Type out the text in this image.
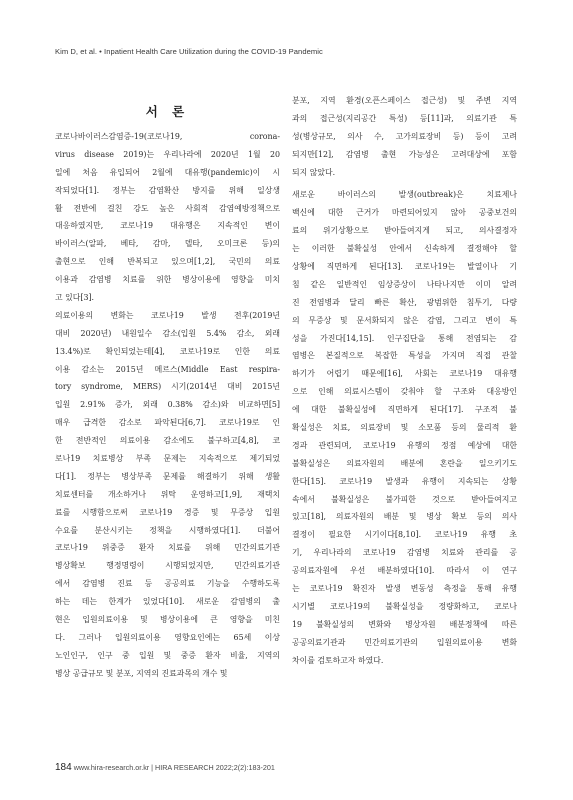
Kim D, et al. • Inpatient Health Care Utilization during the COVID-19 Pandemic
서 론
코로나바이러스감염증-19(코로나19, corona-
virus disease 2019)는 우리나라에 2020년 1월 20
일에 처음 유입되어 2월에 대유행(pandemic)이 시
작되었다[1]. 정부는 감염확산 방지를 위해 일상생
활 전반에 걸친 강도 높은 사회적 감염예방정책으로
대응하였지만, 코로나19 대유행은 지속적인 변이
바이러스(알파, 베타, 감마, 델타, 오미크론 등)의
출현으로 인해 반복되고 있으며[1,2], 국민의 의료
이용과 감염병 치료를 위한 병상이용에 영향을 미치
고 있다[3].
의료이용의 변화는 코로나19 발생 전후(2019년
대비 2020년) 내원일수 감소(입원 5.4% 감소, 외래
13.4%)로 확인되었는데[4], 코로나19로 인한 의료
이용 감소는 2015년 메르스(Middle East respira-
tory syndrome, MERS) 시기(2014년 대비 2015년
입원 2.91% 증가, 외래 0.38% 감소)와 비교하면[5]
매우 급격한 감소로 파악된다[6,7]. 코로나19로 인
한 전반적인 의료이용 감소에도 불구하고[4,8], 코
로나19 치료병상 부족 문제는 지속적으로 제기되었
다[1]. 정부는 병상부족 문제를 해결하기 위해 생활
치료센터를 개소하거나 위탁 운영하고[1,9], 재택치
료를 시행함으로써 코로나19 경증 및 무증상 입원
수요를 분산시키는 정책을 시행하였다[1]. 더불어
코로나19 위중증 환자 치료를 위해 민간의료기관
병상확보 행정명령이 시행되었지만, 민간의료기관
에서 감염병 진료 등 공공의료 기능을 수행하도록
하는 데는 한계가 있었다[10]. 새로운 감염병의 출
현은 입원의료이용 및 병상이용에 큰 영향을 미친
다. 그러나 입원의료이용 영향요인에는 65세 이상
노인인구, 인구 중 입원 및 중증 환자 비율, 지역의
병상 공급규모 및 분포, 지역의 진료과목의 개수 및
분포, 지역 환경(오픈스페이스 접근성) 및 주변 지역
과의 접근성(지리공간 특성) 등[11]과, 의료기관 특
성(병상규모, 의사 수, 고가의료장비 등) 등이 고려
되지만[12], 감염병 출현 가능성은 고려대상에 포함
되지 않았다.
새로운 바이러스의 발생(outbreak)은 치료제나
백신에 대한 근거가 마련되어있지 않아 공중보건의
료의 위기상황으로 받아들여지게 되고, 의사결정자
는 이러한 불확실성 안에서 신속하게 결정해야 할
상황에 직면하게 된다[13]. 코로나19는 발열이나 기
침 같은 일반적인 임상증상이 나타나지만 이미 알려
진 전염병과 달리 빠른 확산, 광범위한 침투기, 다량
의 무증상 및 문서화되지 않은 감염, 그리고 변이 특
성을 가진다[14,15]. 인구집단을 통해 전염되는 감
염병은 본질적으로 복잡한 특성을 가지며 직접 관찰
하기가 어렵기 때문에[16], 사회는 코로나19 대유행
으로 인해 의료시스템이 갖춰야 할 구조와 대응방인
에 대한 불확실성에 직면하게 된다[17]. 구조적 불
확실성은 치료, 의료장비 및 소모품 등의 물리적 환
경과 관련되며, 코로나19 유행의 정점 예상에 대한
불확실성은 의료자원의 배분에 혼란을 일으키기도
한다[15]. 코로나19 발생과 유행이 지속되는 상황
속에서 불확실성은 불가피한 것으로 받아들여지고
있고[18], 의료자원의 배분 및 병상 확보 등의 의사
결정이 필요한 시기이다[8,10]. 코로나19 유행 초
기, 우리나라의 코로나19 감염병 치료와 관리를 공
공의료자원에 우선 배분하였다[10]. 따라서 이 연구
는 코로나19 확진자 발생 변동성 측정을 통해 유행
시기별 코로나19의 불확실성을 정량화하고, 코로나
19 불확실성의 변화와 병상자원 배분정책에 따른
공공의료기관과 민간의료기관의 입원의료이용 변화
차이를 검토하고자 하였다.
184 www.hira-research.or.kr | HIRA RESEARCH 2022;2(2):183-201
